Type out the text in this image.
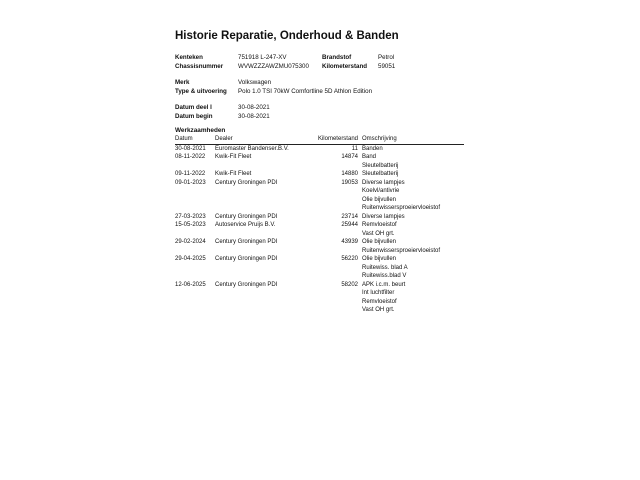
Historie Reparatie, Onderhoud & Banden
Kenteken	751918 L-247-XV	Brandstof	Petrol
Chassisnummer WVWZZZAWZMU075300 Kilometerstand 59051
Merk	Volkswagen
Type & uitvoering Polo 1.0 TSI 70kW Comfortline 5D Athlon Edition
Datum deel I	30-08-2021
Datum begin	30-08-2021
Werkzaamheden
Datum	Dealer	Kilometerstand	Omschrijving
30-08-2021	Euromaster Bandenser.B.V.	11	Banden

08-11-2022	Kwik-Fit Fleet	14874	Band
Sleutelbatterij

09-11-2022	Kwik-Fit Fleet	14880	Sleutelbatterij

09-01-2023	Century Groningen PDI	19053	Diverse lampjes
Koelvl/antivrie
Olie bijvullen
Ruitenwissersproeiervloeistof

27-03-2023	Century Groningen PDI	23714	Diverse lampjes

15-05-2023	Autoservice Pruijs B.V.	25944	Remvloeistof
Vast OH grt.

29-02-2024	Century Groningen PDI	43939	Olie bijvullen
Ruitenwissersproeiervloeistof

29-04-2025	Century Groningen PDI	56220	Olie bijvullen
Ruitewiss. blad A
Ruitewiss.blad V

12-06-2025	Century Groningen PDI	58202	APK i.c.m. beurt
Int luchtfilter
Remvloeistof
Vast OH grt.
